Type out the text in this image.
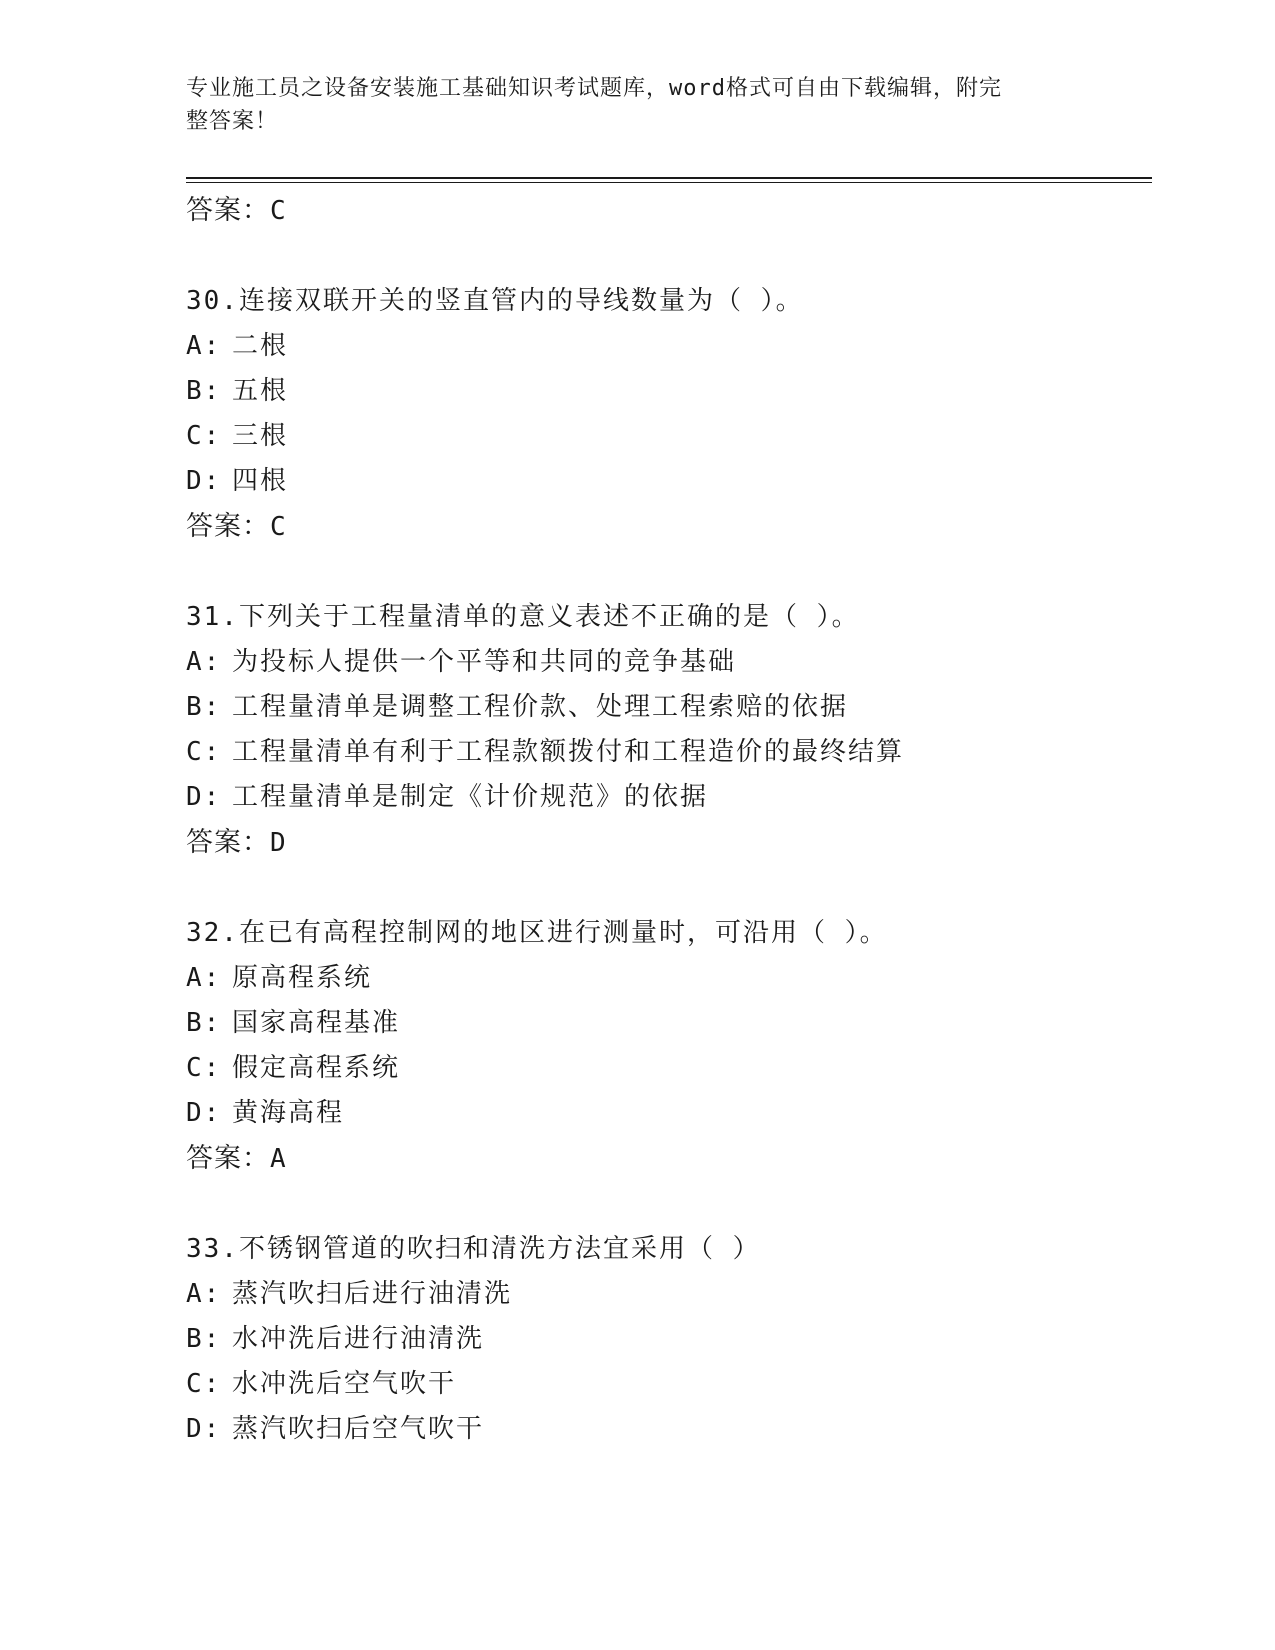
专业施工员之设备安装施工基础知识考试题库，word格式可自由下载编辑，附完
整答案！
答案：C
30.连接双联开关的竖直管内的导线数量为（ ）。
A: 二根
B: 五根
C: 三根
D: 四根
答案：C
31.下列关于工程量清单的意义表述不正确的是（ ）。
A: 为投标人提供一个平等和共同的竞争基础
B: 工程量清单是调整工程价款、处理工程索赔的依据
C: 工程量清单有利于工程款额拨付和工程造价的最终结算
D: 工程量清单是制定《计价规范》的依据
答案：D
32.在已有高程控制网的地区进行测量时，可沿用（ ）。
A: 原高程系统
B: 国家高程基准
C: 假定高程系统
D: 黄海高程
答案：A
33.不锈钢管道的吹扫和清洗方法宜采用（ ）
A: 蒸汽吹扫后进行油清洗
B: 水冲洗后进行油清洗
C: 水冲洗后空气吹干
D: 蒸汽吹扫后空气吹干
